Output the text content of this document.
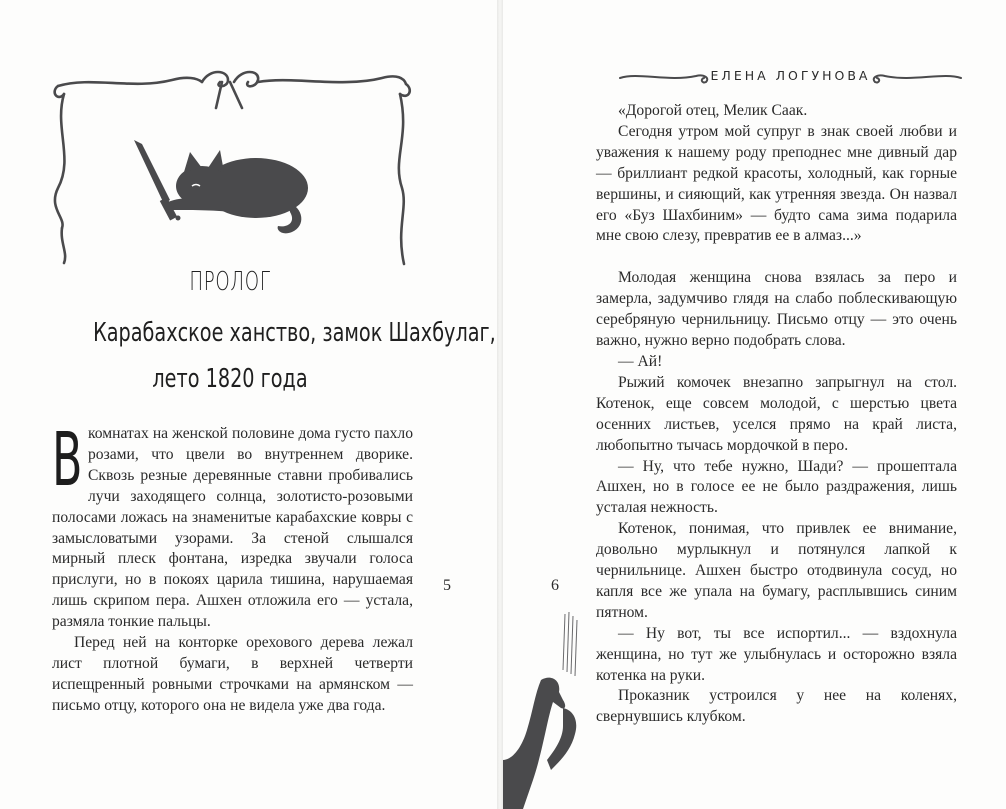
ПРОЛОГ
Карабахское ханство, замок Шахбулаг,
лето 1820 года

Вкомнатах на женской половине дома густо пахло розами, что цвели во внутреннем дворике. Сквозь резные деревянные ставни пробивались лучи заходящего солнца, золотисто-розовыми полосами ложась на знаменитые карабахские ковры с замысловатыми узорами. За стеной слышался мирный плеск фонтана, изредка звучали голоса прислуги, но в покоях царила тишина, нарушаемая лишь скрипом пера. Ашхен отложила его — устала, размяла тонкие пальцы.

Перед ней на конторке орехового дерева лежал лист плотной бумаги, в верхней четверти испещренный ровными строчками на армянском — письмо отцу, которого она не видела уже два года.

5
ЕЛЕНА ЛОГУНОВА

«Дорогой отец, Мелик Саак.

Сегодня утром мой супруг в знак своей любви и уважения к нашему роду преподнес мне дивный дар — бриллиант редкой красоты, холодный, как горные вершины, и сияющий, как утренняя звезда. Он назвал его «Буз Шахбиним» — будто сама зима подарила мне свою слезу, превратив ее в алмаз...»

Молодая женщина снова взялась за перо и замерла, задумчиво глядя на слабо поблескивающую серебряную чернильницу. Письмо отцу — это очень важно, нужно верно подобрать слова.

— Ай!

Рыжий комочек внезапно запрыгнул на стол. Котенок, еще совсем молодой, с шерстью цвета осенних листьев, уселся прямо на край листа, любопытно тычась мордочкой в перо.

— Ну, что тебе нужно, Шади? — прошептала Ашхен, но в голосе ее не было раздражения, лишь усталая нежность.

Котенок, понимая, что привлек ее внимание, довольно мурлыкнул и потянулся лапкой к чернильнице. Ашхен быстро отодвинула сосуд, но капля все же упала на бумагу, расплывшись синим пятном.

— Ну вот, ты все испортил... — вздохнула женщина, но тут же улыбнулась и осторожно взяла котенка на руки.

Проказник устроился у нее на коленях, свернувшись клубком.

6
